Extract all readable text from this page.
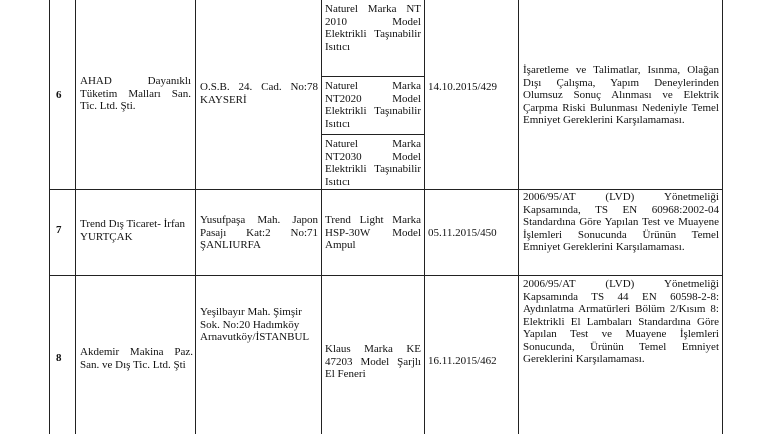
6
AHAD Dayanıklı Tüketim Malları San. Tic. Ltd. Şti.
O.S.B. 24. Cad. No:78 KAYSERİ
Naturel Marka NT 2010 Model Elektrikli Taşınabilir Isıtıcı
Naturel Marka NT2020 Model Elektrikli Taşınabilir Isıtıcı
Naturel Marka NT2030 Model Elektrikli Taşınabilir Isıtıcı
14.10.2015/429
İşaretleme ve Talimatlar, Isınma, Olağan Dışı Çalışma, Yapım Deneylerinden Olumsuz Sonuç Alınması ve Elektrik Çarpma Riski Bulunması Nedeniyle Temel Emniyet Gereklerini Karşılamaması.
7 Trend Dış Ticaret- İrfan YURTÇAK
Yusufpaşa Mah. Japon Pasajı Kat:2 No:71 ŞANLIURFA
Trend Light Marka HSP-30W Model Ampul
05.11.2015/450
2006/95/AT (LVD) Yönetmeliği Kapsamında, TS EN 60968:2002-04 Standardına Göre Yapılan Test ve Muayene İşlemleri Sonucunda Ürünün Temel Emniyet Gereklerini Karşılamaması.
8 Akdemir Makina Paz. San. ve Dış Tic. Ltd. Şti
Yeşilbayır Mah. Şimşir Sok. No:20 Hadımköy Arnavutköy/İSTANBUL
Klaus Marka KE 47203 Model Şarjlı El Feneri
16.11.2015/462
2006/95/AT (LVD) Yönetmeliği Kapsamında TS 44 EN 60598-2-8: Aydınlatma Armatürleri Bölüm 2/Kısım 8: Elektrikli El Lambaları Standardına Göre Yapılan Test ve Muayene İşlemleri Sonucunda, Ürünün Temel Emniyet Gereklerini Karşılamaması.
